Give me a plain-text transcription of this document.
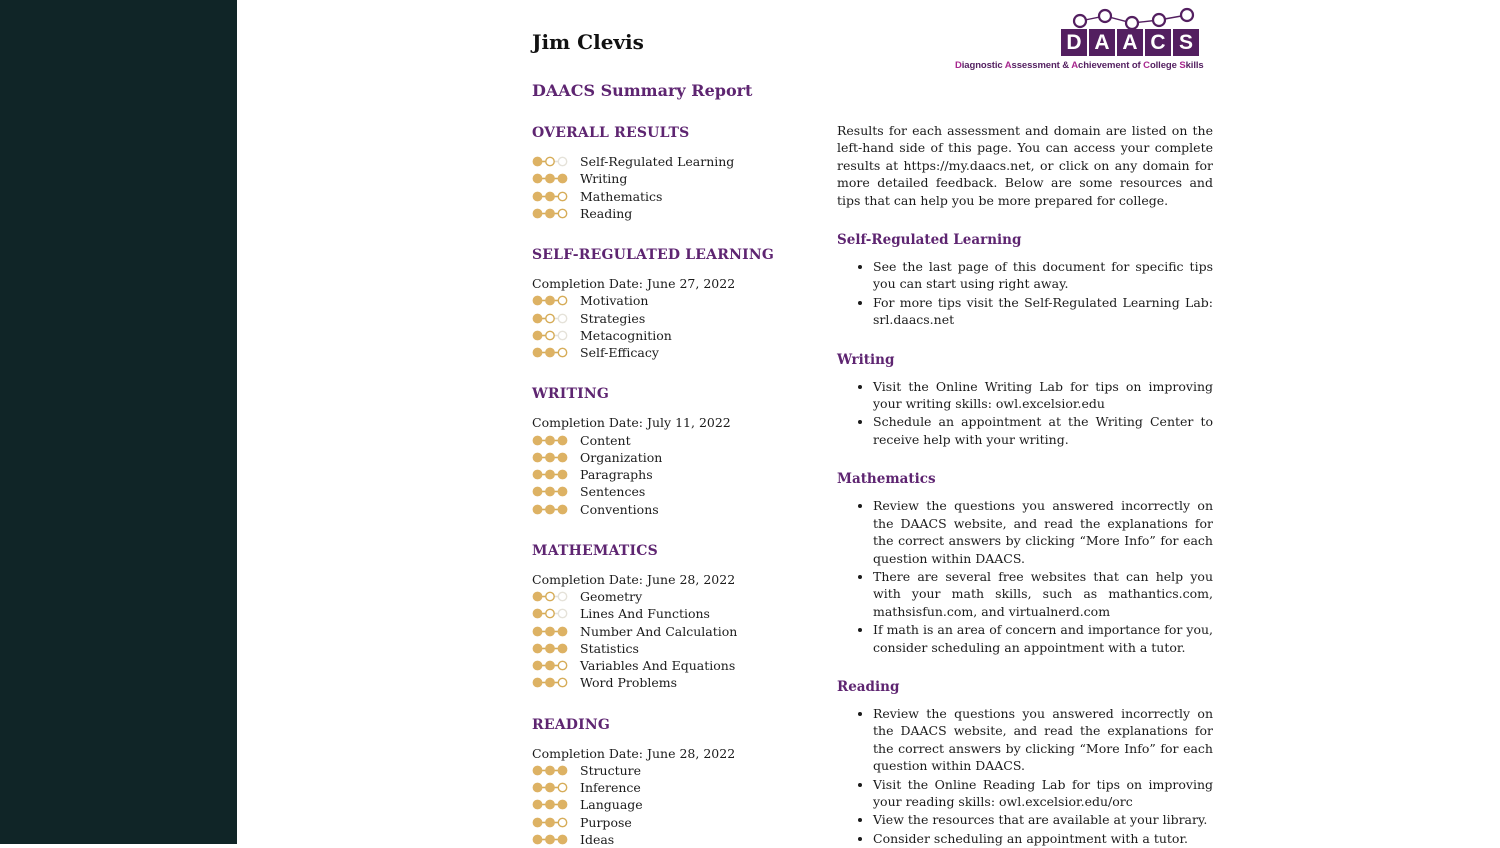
D A A C S
Diagnostic Assessment & Achievement of College Skills
Jim Clevis
DAACS Summary Report
OVERALL RESULTS
Self-Regulated Learning
Writing
Mathematics
Reading
SELF-REGULATED LEARNING
Completion Date: June 27, 2022
Motivation
Strategies
Metacognition
Self-Efficacy
WRITING
Completion Date: July 11, 2022
Content
Organization
Paragraphs
Sentences
Conventions
MATHEMATICS
Completion Date: June 28, 2022
Geometry
Lines And Functions
Number And Calculation
Statistics
Variables And Equations
Word Problems
READING
Completion Date: June 28, 2022
Structure
Inference
Language
Purpose
Ideas

Results for each assessment and domain are listed on the left-hand side of this page. You can access your complete results at https://my.daacs.net, or click on any domain for more detailed feedback. Below are some resources and tips that can help you be more prepared for college.

Self-Regulated Learning
• See the last page of this document for specific tips you can start using right away.
• For more tips visit the Self-Regulated Learning Lab: srl.daacs.net
Writing
• Visit the Online Writing Lab for tips on improving your writing skills: owl.excelsior.edu
• Schedule an appointment at the Writing Center to receive help with your writing.
Mathematics
• Review the questions you answered incorrectly on the DAACS website, and read the explanations for the correct answers by clicking “More Info” for each question within DAACS.
• There are several free websites that can help you with your math skills, such as mathantics.com, mathsisfun.com, and virtualnerd.com
• If math is an area of concern and importance for you, consider scheduling an appointment with a tutor.
Reading
• Review the questions you answered incorrectly on the DAACS website, and read the explanations for the correct answers by clicking “More Info” for each question within DAACS.
• Visit the Online Reading Lab for tips on improving your reading skills: owl.excelsior.edu/orc
• View the resources that are available at your library.
• Consider scheduling an appointment with a tutor.
